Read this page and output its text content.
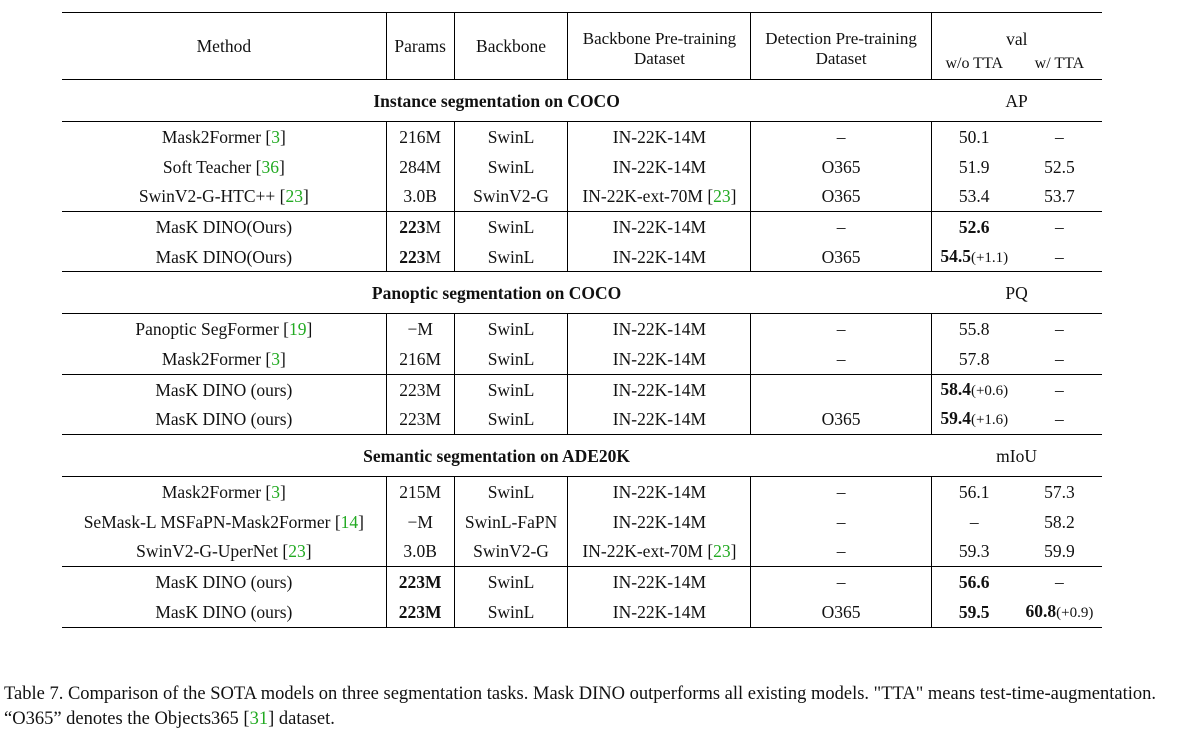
Method	Params	Backbone	Backbone Pre-training	Detection Pre-training	val	
			Dataset	Dataset	w/o TTA	w/ TTA
Instance segmentation on COCO					AP	
Mask2Former [3]	216M	SwinL	IN-22K-14M	–	50.1	–
Soft Teacher [36]	284M	SwinL	IN-22K-14M	O365	51.9	52.5
SwinV2-G-HTC++ [23]	3.0B	SwinV2-G	IN-22K-ext-70M [23]	O365	53.4	53.7
MasK DINO(Ours)	223M	SwinL	IN-22K-14M	–	52.6	–
MasK DINO(Ours)	223M	SwinL	IN-22K-14M	O365	54.5(+1.1)	–
Panoptic segmentation on COCO					PQ	
Panoptic SegFormer [19]	−M	SwinL	IN-22K-14M	–	55.8	–
Mask2Former [3]	216M	SwinL	IN-22K-14M	–	57.8	–
MasK DINO (ours)	223M	SwinL	IN-22K-14M		58.4(+0.6)	–
MasK DINO (ours)	223M	SwinL	IN-22K-14M	O365	59.4(+1.6)	–
Semantic segmentation on ADE20K					mIoU	
Mask2Former [3]	215M	SwinL	IN-22K-14M	–	56.1	57.3
SeMask-L MSFaPN-Mask2Former [14]	−M	SwinL-FaPN	IN-22K-14M	–	–	58.2
SwinV2-G-UperNet [23]	3.0B	SwinV2-G	IN-22K-ext-70M [23]	–	59.3	59.9
MasK DINO (ours)	223M	SwinL	IN-22K-14M	–	56.6	–
MasK DINO (ours)	223M	SwinL	IN-22K-14M	O365	59.5	60.8(+0.9)
Table 7. Comparison of the SOTA models on three segmentation tasks. Mask DINO outperforms all existing models. "TTA" means test-time-augmentation. “O365” denotes the Objects365 [31] dataset.
